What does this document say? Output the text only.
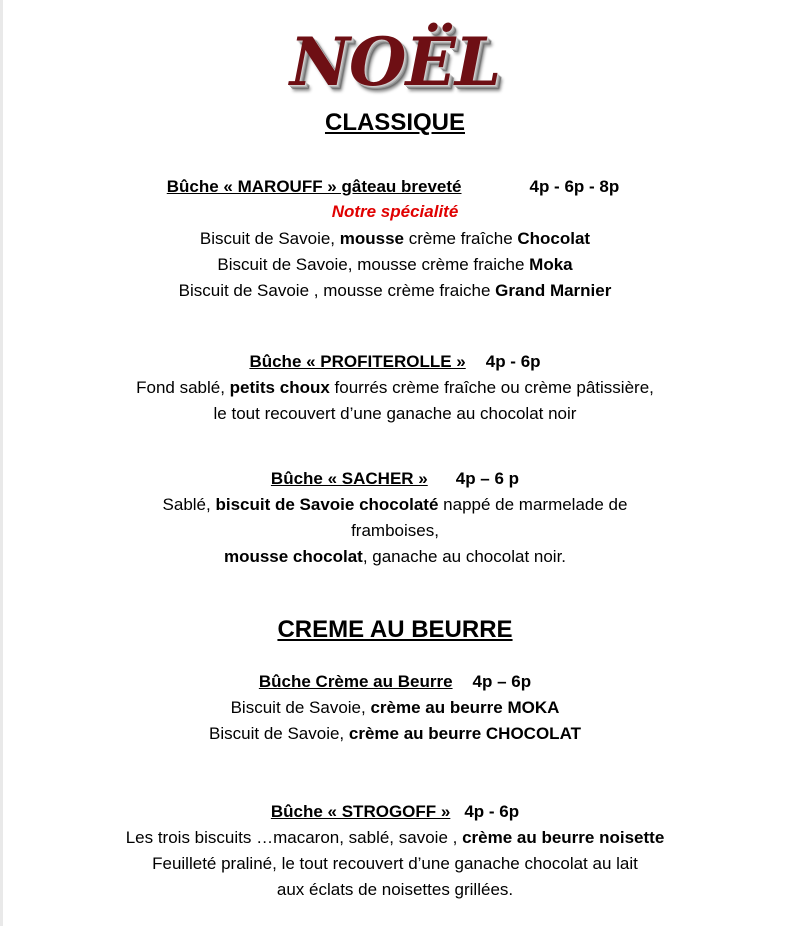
NOËL
CLASSIQUE
Bûche « MAROUFF » gâteau breveté	4p - 6p - 8p
Notre spécialité
Biscuit de Savoie, mousse crème fraîche Chocolat
Biscuit de Savoie, mousse crème fraiche Moka
Biscuit de Savoie , mousse crème fraiche Grand Marnier
Bûche « PROFITEROLLE » 4p - 6p
Fond sablé, petits choux fourrés crème fraîche ou crème pâtissière,
le tout recouvert d’une ganache au chocolat noir
Bûche « SACHER » 4p – 6 p
Sablé, biscuit de Savoie chocolaté nappé de marmelade de
framboises,
mousse chocolat, ganache au chocolat noir.
CREME AU BEURRE
Bûche Crème au Beurre 4p – 6p
Biscuit de Savoie, crème au beurre MOKA
Biscuit de Savoie, crème au beurre CHOCOLAT
Bûche « STROGOFF » 4p - 6p
Les trois biscuits …macaron, sablé, savoie , crème au beurre noisette
Feuilleté praliné, le tout recouvert d’une ganache chocolat au lait
aux éclats de noisettes grillées.
